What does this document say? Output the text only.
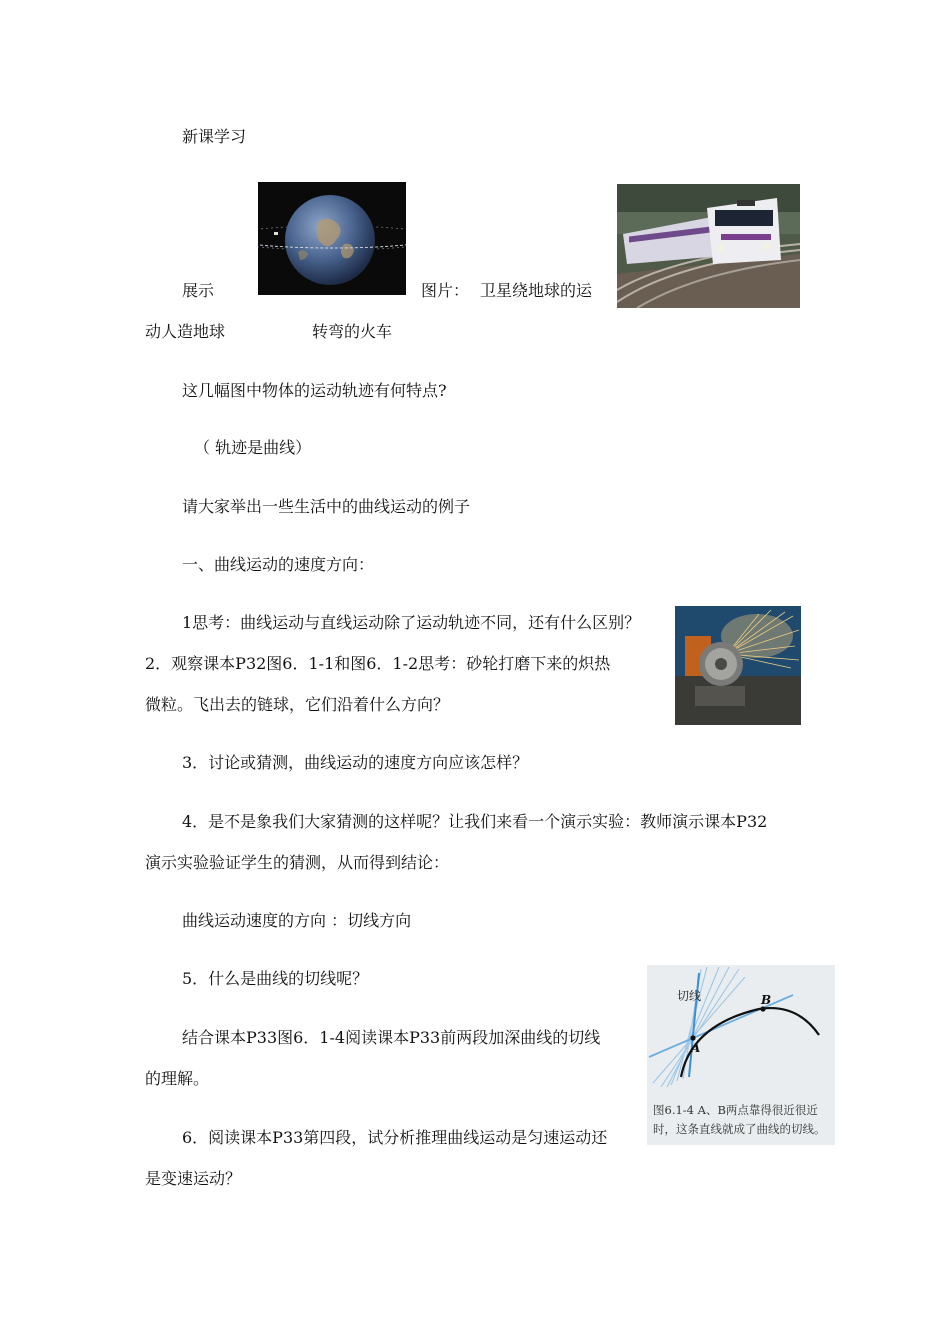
新课学习
展示	图片： 卫星绕地球的运
动人造地球	转弯的火车
这几幅图中物体的运动轨迹有何特点?
（ 轨迹是曲线）
请大家举出一些生活中的曲线运动的例子
一、曲线运动的速度方向：
1思考：曲线运动与直线运动除了运动轨迹不同，还有什么区别？
2．观察课本P32图6．1-1和图6．1-2思考：砂轮打磨下来的炽热
微粒。飞出去的链球，它们沿着什么方向？
3．讨论或猜测，曲线运动的速度方向应该怎样？
4．是不是象我们大家猜测的这样呢？让我们来看一个演示实验：教师演示课本P32
演示实验验证学生的猜测，从而得到结论：
曲线运动速度的方向 ：切线方向
5．什么是曲线的切线呢？
结合课本P33图6．1-4阅读课本P33前两段加深曲线的切线
的理解。
6．阅读课本P33第四段，试分析推理曲线运动是匀速运动还
是变速运动？
切线	B
A
图6.1-4 A、B两点靠得很近很近
时，这条直线就成了曲线的切线。
